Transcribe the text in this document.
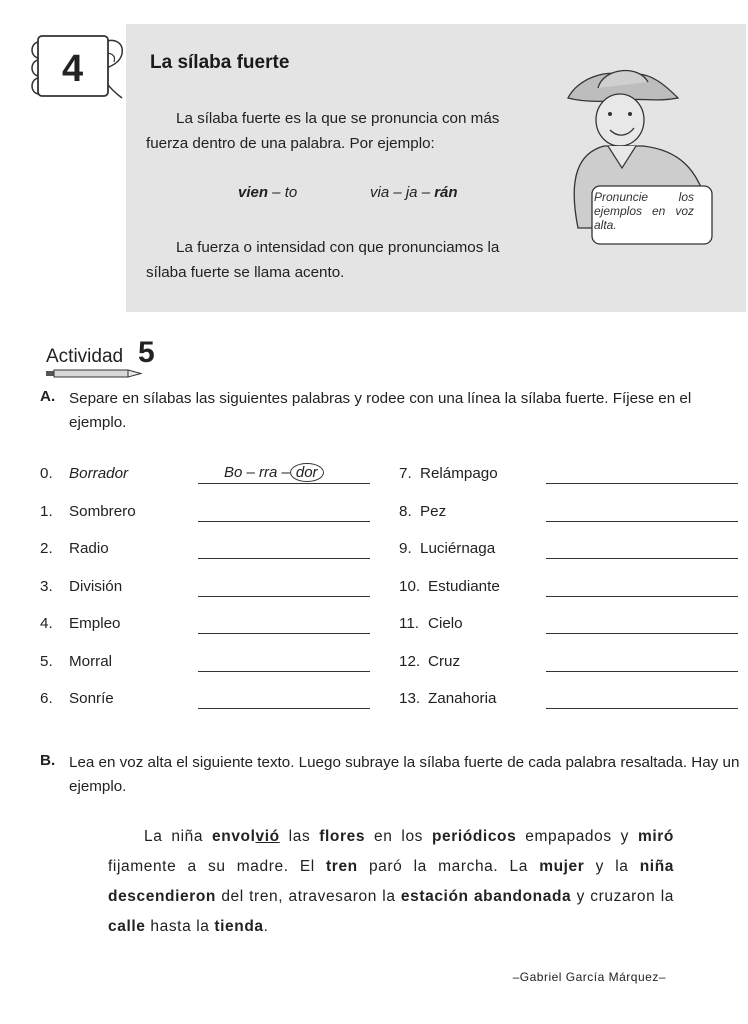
4	La sílaba fuerte
La sílaba fuerte es la que se pronuncia con más fuerza dentro de una palabra. Por ejemplo:
vien – to	via – ja – rán
La fuerza o intensidad con que pronunciamos la sílaba fuerte se llama acento.
Pronuncie los ejemplos en voz alta.
Actividad 5
A. Separe en sílabas las siguientes palabras y rodee con una línea la sílaba fuerte. Fíjese en el ejemplo.
0. Borrador
1. Sombrero
2. Radio
3. División
4. Empleo
5. Morral
6. Sonríe
7. Relámpago
8. Pez
9. Luciérnaga
10. Estudiante
11. Cielo
12. Cruz
13. Zanahoria
Bo – rra – dor
B. Lea en voz alta el siguiente texto. Luego subraye la sílaba fuerte de cada palabra resaltada. Hay un ejemplo.

La niña envolvió las flores en los periódicos empapados y miró fijamente a su madre. El tren paró la marcha. La mujer y la niña descendieron del tren, atravesaron la estación abandonada y cruzaron la calle hasta la tienda.

–Gabriel García Márquez–
